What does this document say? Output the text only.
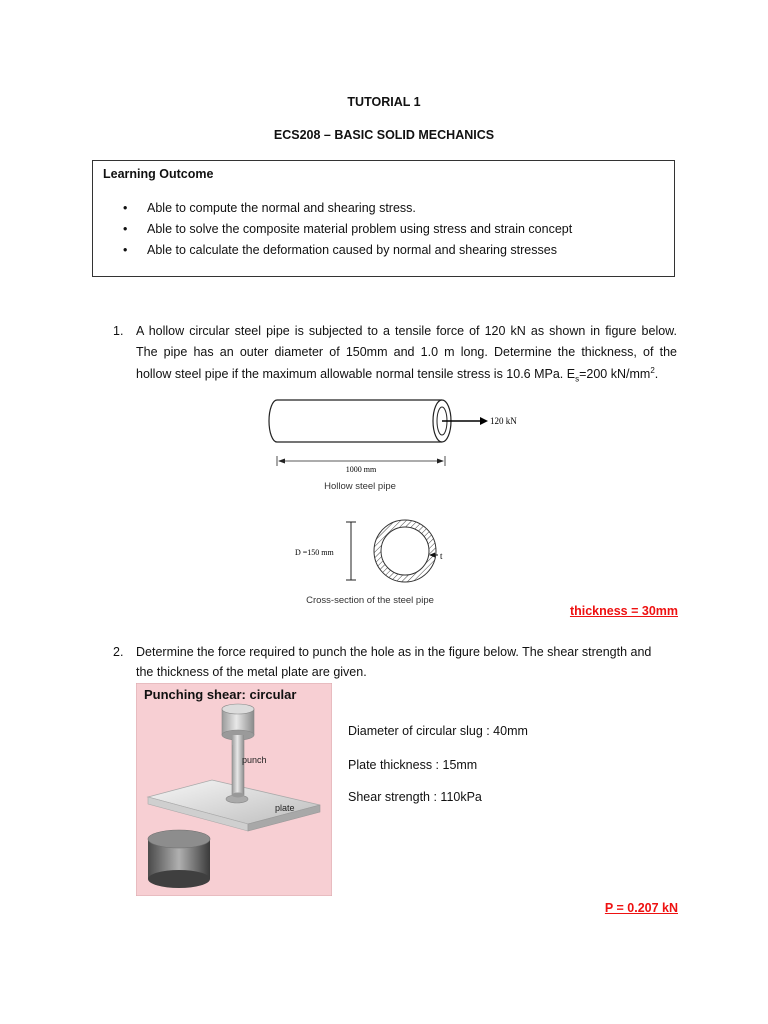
TUTORIAL 1
ECS208 – BASIC SOLID MECHANICS
Learning Outcome
• Able to compute the normal and shearing stress.
• Able to solve the composite material problem using stress and strain concept
• Able to calculate the deformation caused by normal and shearing stresses
1. A hollow circular steel pipe is subjected to a tensile force of 120 kN as shown in figure below.
The pipe has an outer diameter of 150mm and 1.0 m long. Determine the thickness, of the
hollow steel pipe if the maximum allowable normal tensile stress is 10.6 MPa. $E_s=200$ $kN/mm^2$.
120 kN
1000 mm
Hollow steel pipe
D =150 mm	t
Cross-section of the steel pipe
thickness = 30mm
2. Determine the force required to punch the hole as in the figure below. The shear strength and
the thickness of the metal plate are given.
Punching shear: circular
punch
plate
Diameter of circular slug : 40mm
Plate thickness : 15mm
Shear strength : 110kPa
P = 0.207 kN
